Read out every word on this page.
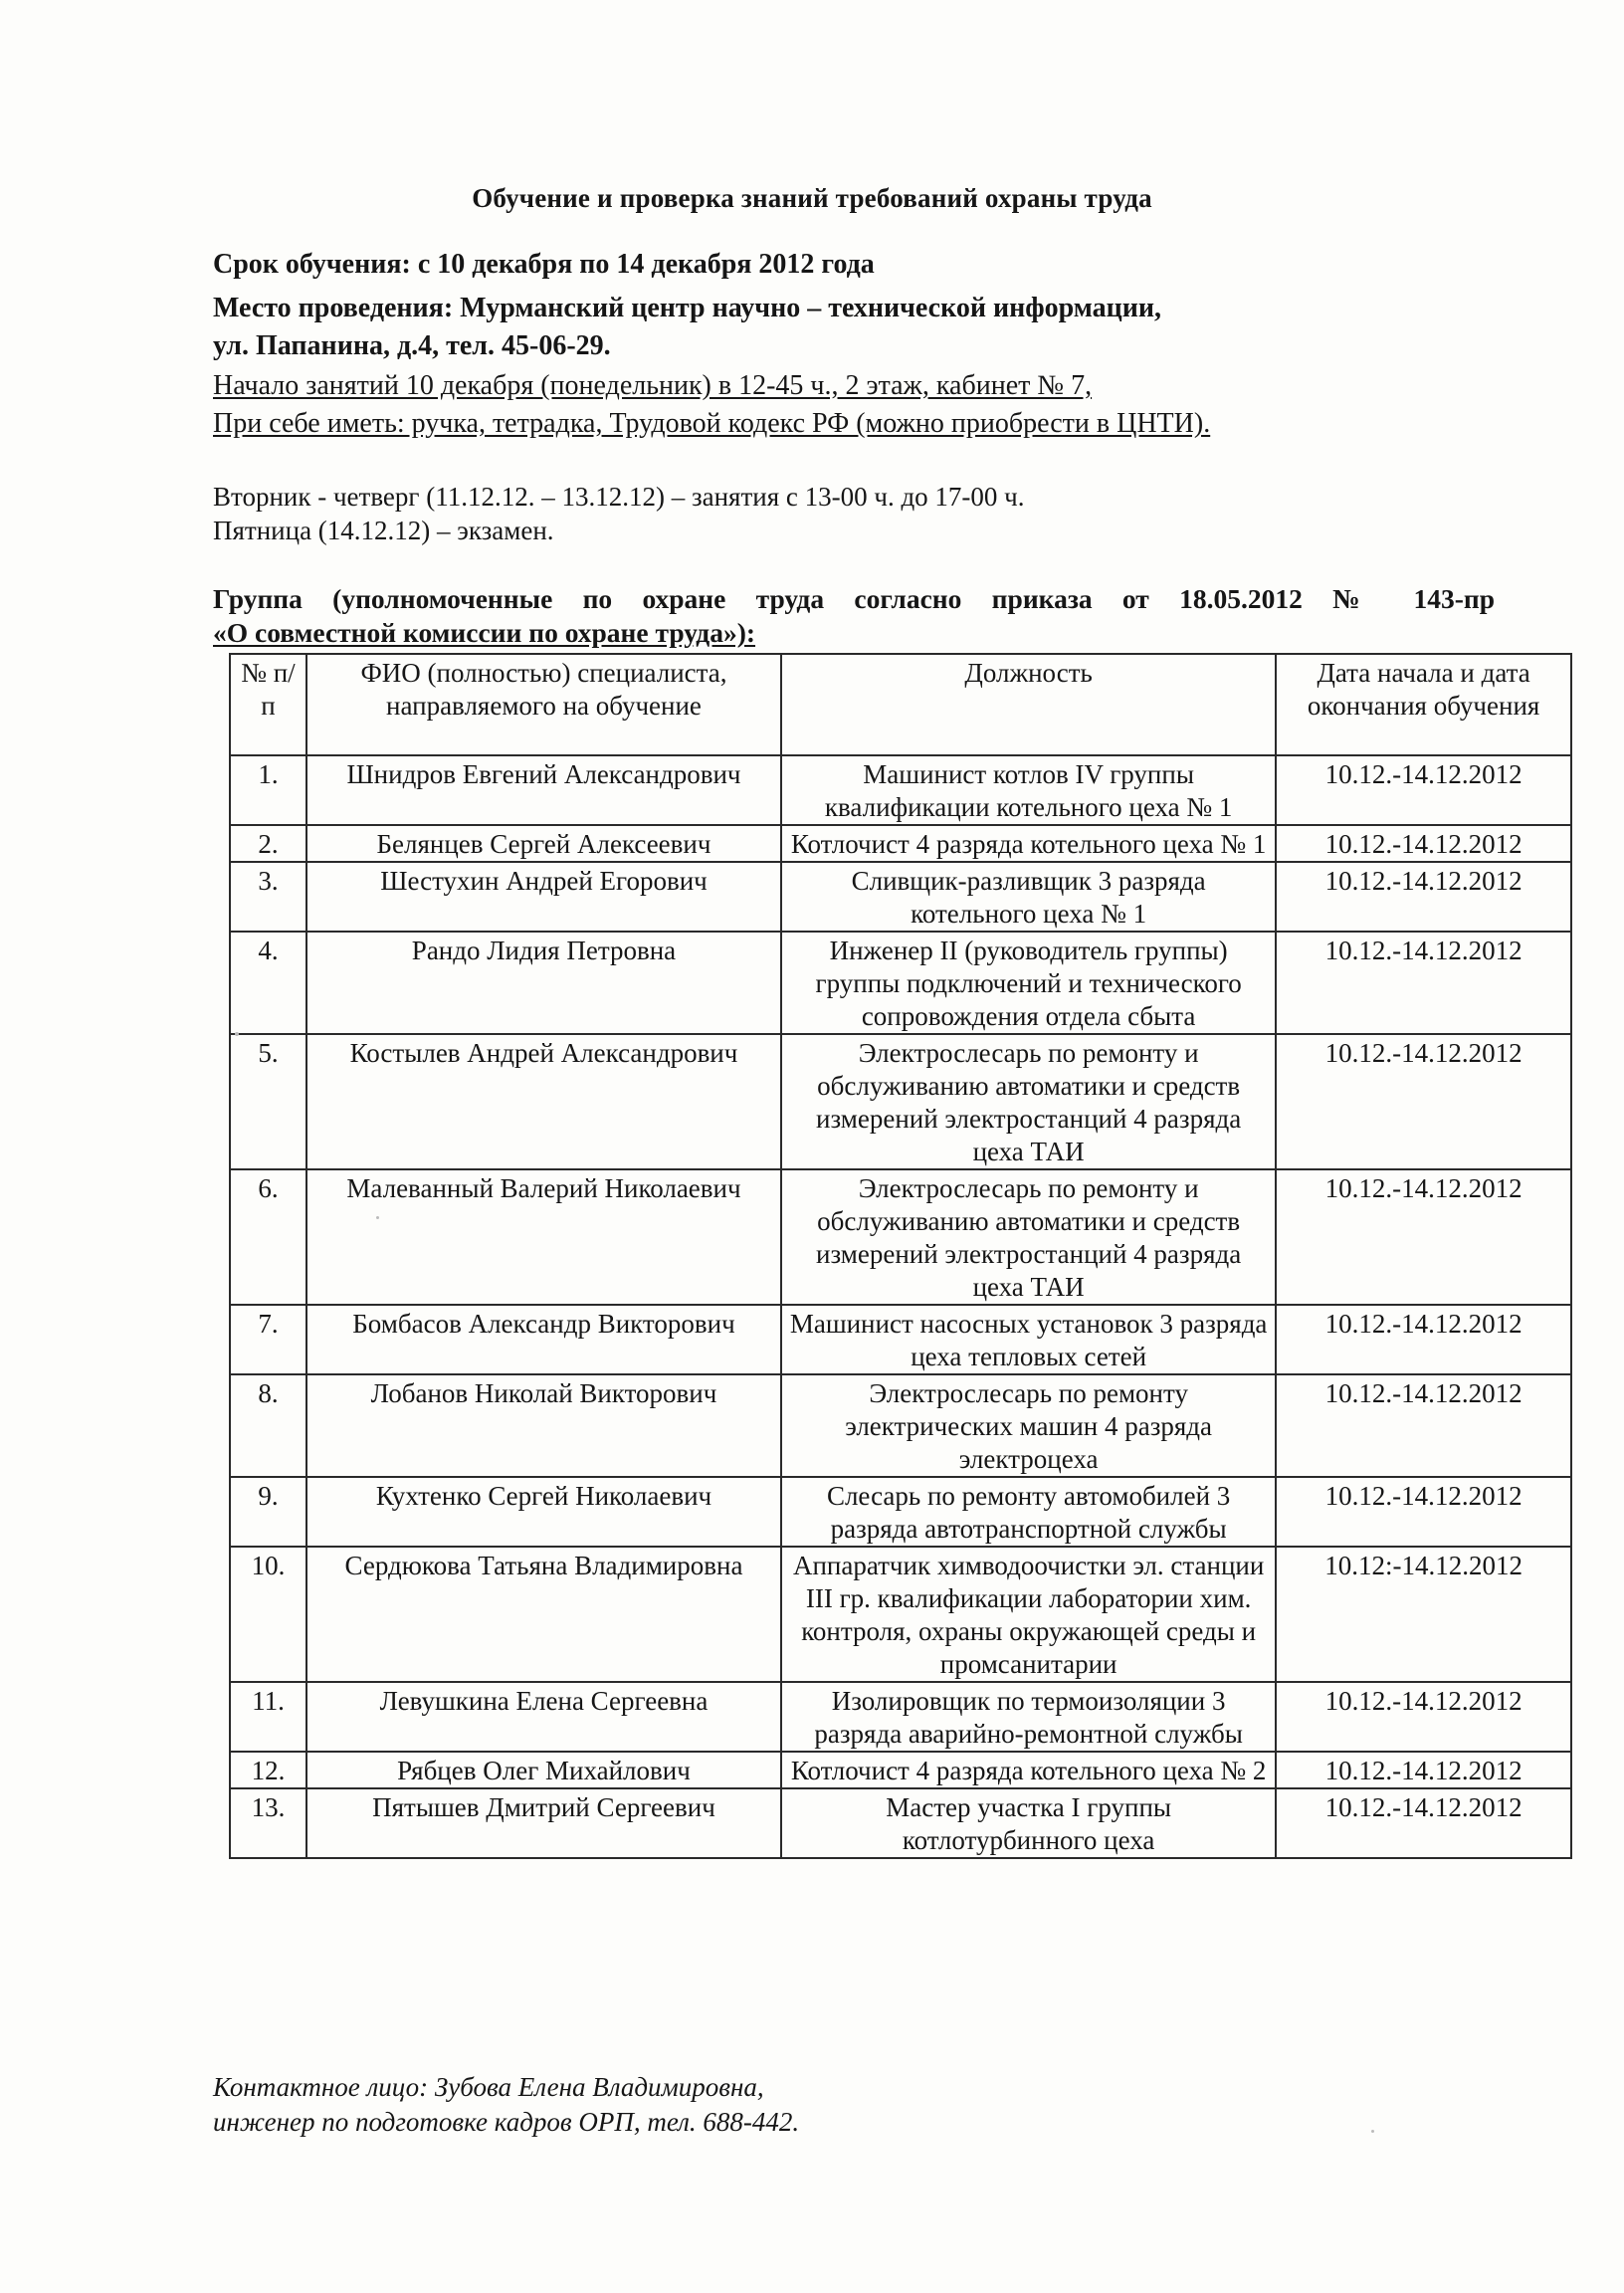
Обучение и проверка знаний требований охраны труда
Срок обучения: с 10 декабря по 14 декабря 2012 года
Место проведения: Мурманский центр научно – технической информации,
ул. Папанина, д.4, тел. 45-06-29.
Начало занятий 10 декабря (понедельник) в 12-45 ч., 2 этаж, кабинет № 7,
При себе иметь: ручка, тетрадка, Трудовой кодекс РФ (можно приобрести в ЦНТИ).
Вторник - четверг (11.12.12. – 13.12.12) – занятия с 13-00 ч. до 17-00 ч.
Пятница (14.12.12) – экзамен.
Группа (уполномоченные по охране труда согласно приказа от 18.05.2012 № 143-пр
«О совместной комиссии по охране труда»):
№ п/п	ФИО (полностью) специалиста, направляемого на обучение	Должность	Дата начала и дата окончания обучения
1.	Шнидров Евгений Александрович	Машинист котлов IV группы квалификации котельного цеха № 1	10.12.-14.12.2012
2.	Белянцев Сергей Алексеевич	Котлочист 4 разряда котельного цеха № 1	10.12.-14.12.2012
3.	Шестухин Андрей Егорович	Сливщик-разливщик 3 разряда котельного цеха № 1	10.12.-14.12.2012
4.	Рандо Лидия Петровна	Инженер II (руководитель группы) группы подключений и технического сопровождения отдела сбыта	10.12.-14.12.2012
5.	Костылев Андрей Александрович	Электрослесарь по ремонту и обслуживанию автоматики и средств измерений электростанций 4 разряда цеха ТАИ	10.12.-14.12.2012
6.	Малеванный Валерий Николаевич	Электрослесарь по ремонту и обслуживанию автоматики и средств измерений электростанций 4 разряда цеха ТАИ	10.12.-14.12.2012
7.	Бомбасов Александр Викторович	Машинист насосных установок 3 разряда цеха тепловых сетей	10.12.-14.12.2012
8.	Лобанов Николай Викторович	Электрослесарь по ремонту электрических машин 4 разряда электроцеха	10.12.-14.12.2012
9.	Кухтенко Сергей Николаевич	Слесарь по ремонту автомобилей 3 разряда автотранспортной службы	10.12.-14.12.2012
10.	Сердюкова Татьяна Владимировна	Аппаратчик химводоочистки эл. станции III гр. квалификации лаборатории хим. контроля, охраны окружающей среды и промсанитарии	10.12:-14.12.2012
11.	Левушкина Елена Сергеевна	Изолировщик по термоизоляции 3 разряда аварийно-ремонтной службы	10.12.-14.12.2012
12.	Рябцев Олег Михайлович	Котлочист 4 разряда котельного цеха № 2	10.12.-14.12.2012
13.	Пятышев Дмитрий Сергеевич	Мастер участка I группы котлотурбинного цеха	10.12.-14.12.2012
Контактное лицо: Зубова Елена Владимировна,
инженер по подготовке кадров ОРП, тел. 688-442.
